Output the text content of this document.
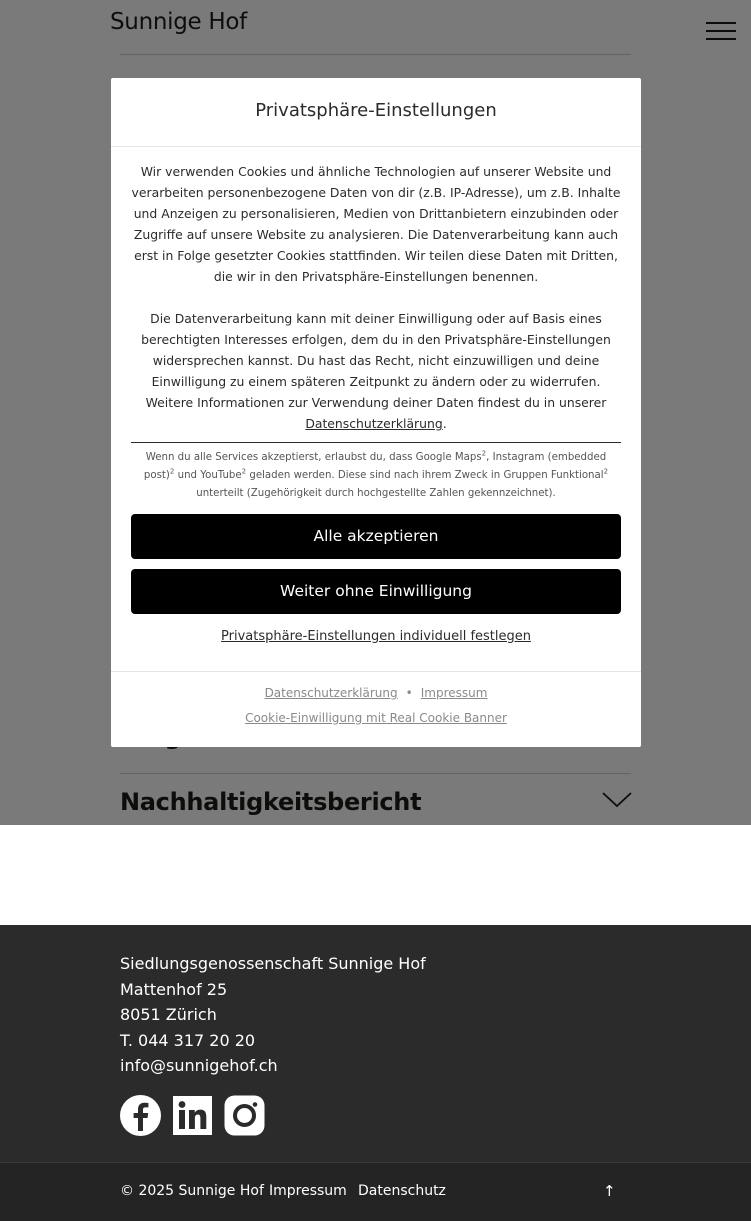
Siedlungsgenossenschaft Sunnige Hof
Mattenhof 25
8051 Zürich
T. 044 317 20 20
info@sunnigehof.ch
© 2025 Sunnige Hof Impressum Datenschutz	↑
Privatsphäre-Einstellungen

Wir verwenden Cookies und ähnliche Technologien auf unserer Website und verarbeiten personenbezogene Daten von dir (z.B. IP-Adresse), um z.B. Inhalte und Anzeigen zu personalisieren, Medien von Drittanbietern einzubinden oder Zugriffe auf unsere Website zu analysieren. Die Datenverarbeitung kann auch erst in Folge gesetzter Cookies stattfinden. Wir teilen diese Daten mit Dritten, die wir in den Privatsphäre-Einstellungen benennen.

Die Datenverarbeitung kann mit deiner Einwilligung oder auf Basis eines berechtigten Interesses erfolgen, dem du in den Privatsphäre-Einstellungen widersprechen kannst. Du hast das Recht, nicht einzuwilligen und deine Einwilligung zu einem späteren Zeitpunkt zu ändern oder zu widerrufen. Weitere Informationen zur Verwendung deiner Daten findest du in unserer
Datenschutzerklärung.

Wenn du alle Services akzeptierst, erlaubst du, dass Google Maps$^2$, Instagram (embedded post)$^2$ und YouTube$^2$ geladen werden. Diese sind nach ihrem Zweck in Gruppen Funktional$^2$ unterteilt (Zugehörigkeit durch hochgestellte Zahlen gekennzeichnet).
Alle akzeptieren
Weiter ohne Einwilligung
Privatsphäre-Einstellungen individuell festlegen
Datenschutzerklärung • Impressum
Cookie-Einwilligung mit Real Cookie Banner
